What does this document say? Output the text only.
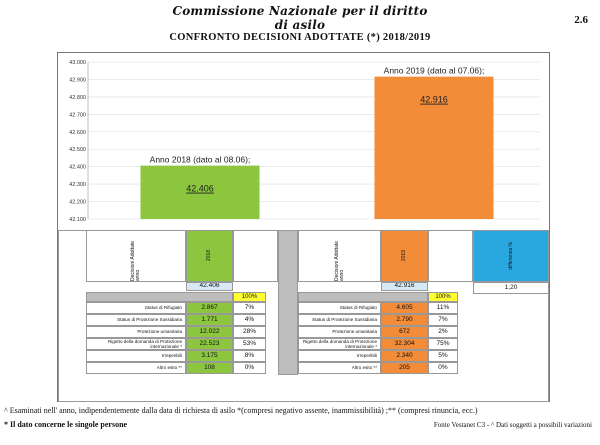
Commissione Nazionale per il diritto di asilo	2.6
CONFRONTO DECISIONI ADOTTATE (*) 2018/2019
42.100
42.200
42.300
42.400
42.500
42.600
42.700
42.800
42.900
43.000
Anno 2018 (dato al 08.06);
42.406
Anno 2019 (dato al 07.06);
42.916
Decisioni Adottate anno
2018	Decisioni Adottate anno
2019	differenza %
42.406	42.916	1,20
100%	100%
Status di Rifugiato	2.867	7%	Status di Rifugiato	4.605	11%
Status di Protezione Sussidiaria	1.771	4%	Status di Protezione Sussidiaria	2.790	7%
Protezione umanitaria	12.022	28%	Protezione umanitaria	672	2%
Rigetto della domanda di Protezione internazionale *	22.523	53%	Rigetto della domanda di Protezione internazionale *	32.304	75%
Irreperibili	3.175	8%	Irreperibili	2.340	5%
Altro esito **	108	0%	Altro esito **	205	0%
^ Esaminati nell' anno, indipendentemente dalla data di richiesta di asilo *(compresi negativo assente, inammissibilità) ;** (compresi rinuncia, ecc.)
* Il dato concerne le singole persone	Fonte Vestanet C3 - ^ Dati soggetti a possibili variazioni
